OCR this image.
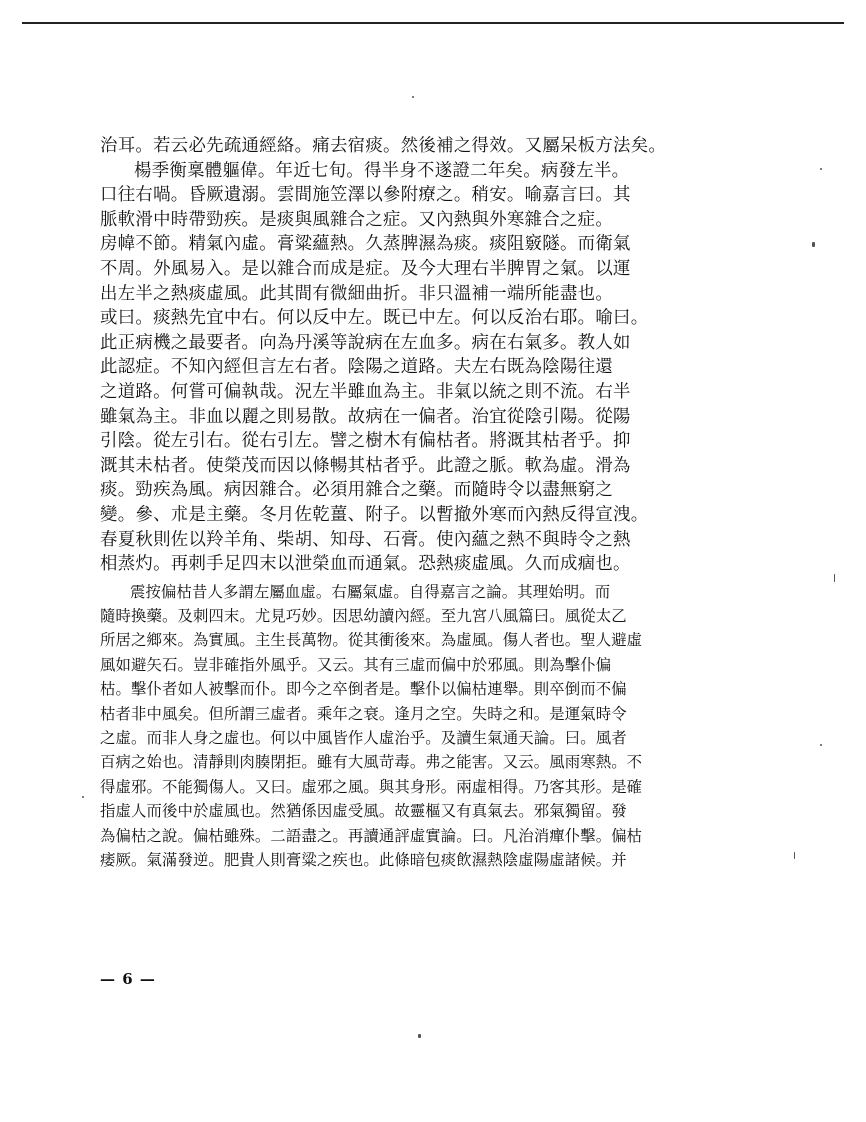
治耳。若云必先疏通經絡。痛去宿痰。然後補之得效。又屬呆板方法矣。
楊季衡稟體軀偉。年近七旬。得半身不遂證二年矣。病發左半。
口往右喎。昏厥遺溺。雲間施笠澤以參附療之。稍安。喻嘉言曰。其
脈軟滑中時帶勁疾。是痰與風雜合之症。又內熱與外寒雜合之症。
房幃不節。精氣內虛。膏粱蘊熱。久蒸脾濕為痰。痰阻竅隧。而衛氣
不周。外風易入。是以雜合而成是症。及今大理右半脾胃之氣。以運
出左半之熱痰虛風。此其間有微細曲折。非只溫補一端所能盡也。
或曰。痰熱先宜中右。何以反中左。既已中左。何以反治右耶。喻曰。
此正病機之最要者。向為丹溪等說病在左血多。病在右氣多。教人如
此認症。不知內經但言左右者。陰陽之道路。夫左右既為陰陽往還
之道路。何嘗可偏執哉。況左半雖血為主。非氣以統之則不流。右半
雖氣為主。非血以麗之則易散。故病在一偏者。治宜從陰引陽。從陽
引陰。從左引右。從右引左。譬之樹木有偏枯者。將溉其枯者乎。抑
溉其未枯者。使榮茂而因以條暢其枯者乎。此證之脈。軟為虛。滑為
痰。勁疾為風。病因雜合。必須用雜合之藥。而隨時令以盡無窮之
變。參、朮是主藥。冬月佐乾薑、附子。以暫撤外寒而內熱反得宣洩。
春夏秋則佐以羚羊角、柴胡、知母、石膏。使內蘊之熱不與時令之熱
相蒸灼。再刺手足四末以泄榮血而通氣。恐熱痰虛風。久而成痼也。
震按偏枯昔人多謂左屬血虛。右屬氣虛。自得嘉言之論。其理始明。而
隨時換藥。及刺四末。尤見巧妙。因思幼讀內經。至九宮八風篇曰。風從太乙
所居之鄉來。為實風。主生長萬物。從其衝後來。為虛風。傷人者也。聖人避虛
風如避矢石。豈非確指外風乎。又云。其有三虛而偏中於邪風。則為擊仆偏
枯。擊仆者如人被擊而仆。即今之卒倒者是。擊仆以偏枯連舉。則卒倒而不偏
枯者非中風矣。但所謂三虛者。乘年之衰。逢月之空。失時之和。是運氣時令
之虛。而非人身之虛也。何以中風皆作人虛治乎。及讀生氣通天論。曰。風者
百病之始也。清靜則肉腠閉拒。雖有大風苛毒。弗之能害。又云。風雨寒熱。不
得虛邪。不能獨傷人。又曰。虛邪之風。與其身形。兩虛相得。乃客其形。是確
指虛人而後中於虛風也。然猶係因虛受風。故靈樞又有真氣去。邪氣獨留。發
為偏枯之說。偏枯雖殊。二語盡之。再讀通評虛實論。曰。凡治消癉仆擊。偏枯
痿厥。氣滿發逆。肥貴人則膏粱之疾也。此條暗包痰飲濕熱陰虛陽虛諸候。并
— 6 —
